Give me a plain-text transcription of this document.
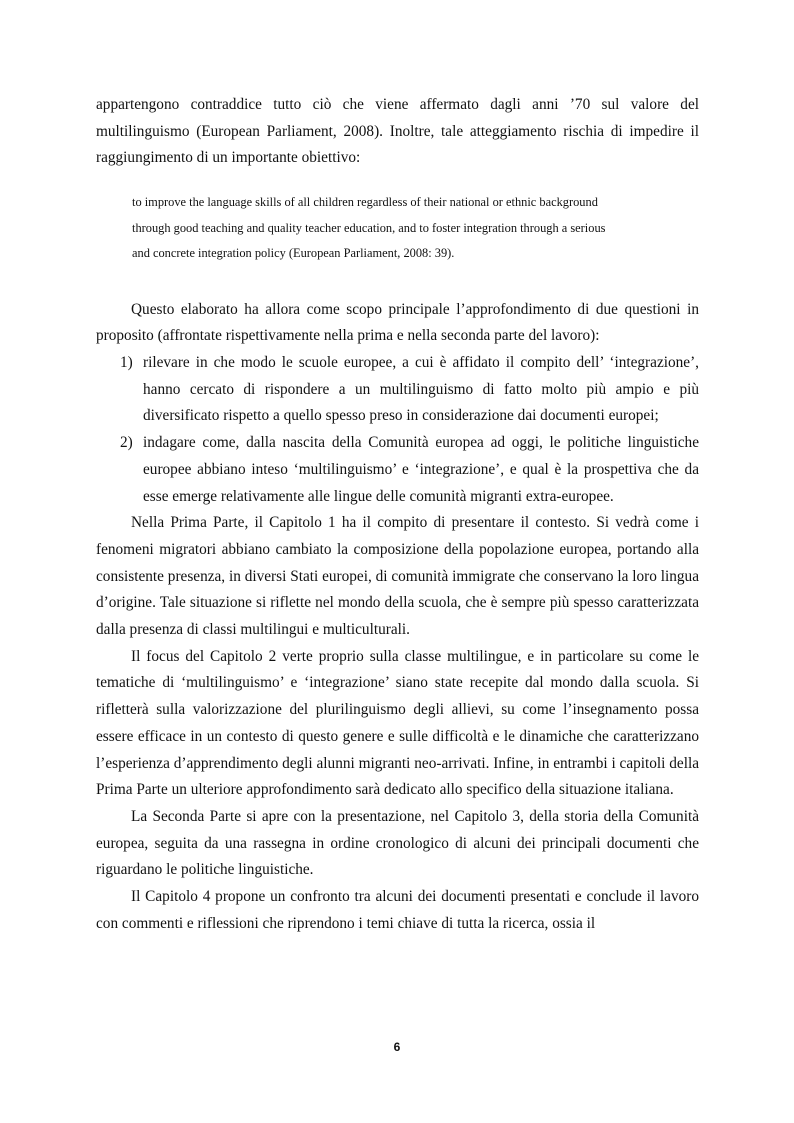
appartengono contraddice tutto ciò che viene affermato dagli anni ’70 sul valore del multilinguismo (European Parliament, 2008). Inoltre, tale atteggiamento rischia di impedire il raggiungimento di un importante obiettivo:

to improve the language skills of all children regardless of their national or ethnic background
through good teaching and quality teacher education, and to foster integration through a serious
and concrete integration policy (European Parliament, 2008: 39).

Questo elaborato ha allora come scopo principale l’approfondimento di due questioni in proposito (affrontate rispettivamente nella prima e nella seconda parte del lavoro):

1) rilevare in che modo le scuole europee, a cui è affidato il compito dell’ ‘integrazione’, hanno cercato di rispondere a un multilinguismo di fatto molto più ampio e più diversificato rispetto a quello spesso preso in considerazione dai documenti europei;
2) indagare come, dalla nascita della Comunità europea ad oggi, le politiche linguistiche europee abbiano inteso ‘multilinguismo’ e ‘integrazione’, e qual è la prospettiva che da esse emerge relativamente alle lingue delle comunità migranti extra-europee.

Nella Prima Parte, il Capitolo 1 ha il compito di presentare il contesto. Si vedrà come i fenomeni migratori abbiano cambiato la composizione della popolazione europea, portando alla consistente presenza, in diversi Stati europei, di comunità immigrate che conservano la loro lingua d’origine. Tale situazione si riflette nel mondo della scuola, che è sempre più spesso caratterizzata dalla presenza di classi multilingui e multiculturali.

Il focus del Capitolo 2 verte proprio sulla classe multilingue, e in particolare su come le tematiche di ‘multilinguismo’ e ‘integrazione’ siano state recepite dal mondo dalla scuola. Si rifletterà sulla valorizzazione del plurilinguismo degli allievi, su come l’insegnamento possa essere efficace in un contesto di questo genere e sulle difficoltà e le dinamiche che caratterizzano l’esperienza d’apprendimento degli alunni migranti neo-arrivati. Infine, in entrambi i capitoli della Prima Parte un ulteriore approfondimento sarà dedicato allo specifico della situazione italiana.

La Seconda Parte si apre con la presentazione, nel Capitolo 3, della storia della Comunità europea, seguita da una rassegna in ordine cronologico di alcuni dei principali documenti che riguardano le politiche linguistiche.

Il Capitolo 4 propone un confronto tra alcuni dei documenti presentati e conclude il lavoro con commenti e riflessioni che riprendono i temi chiave di tutta la ricerca, ossia il

6
